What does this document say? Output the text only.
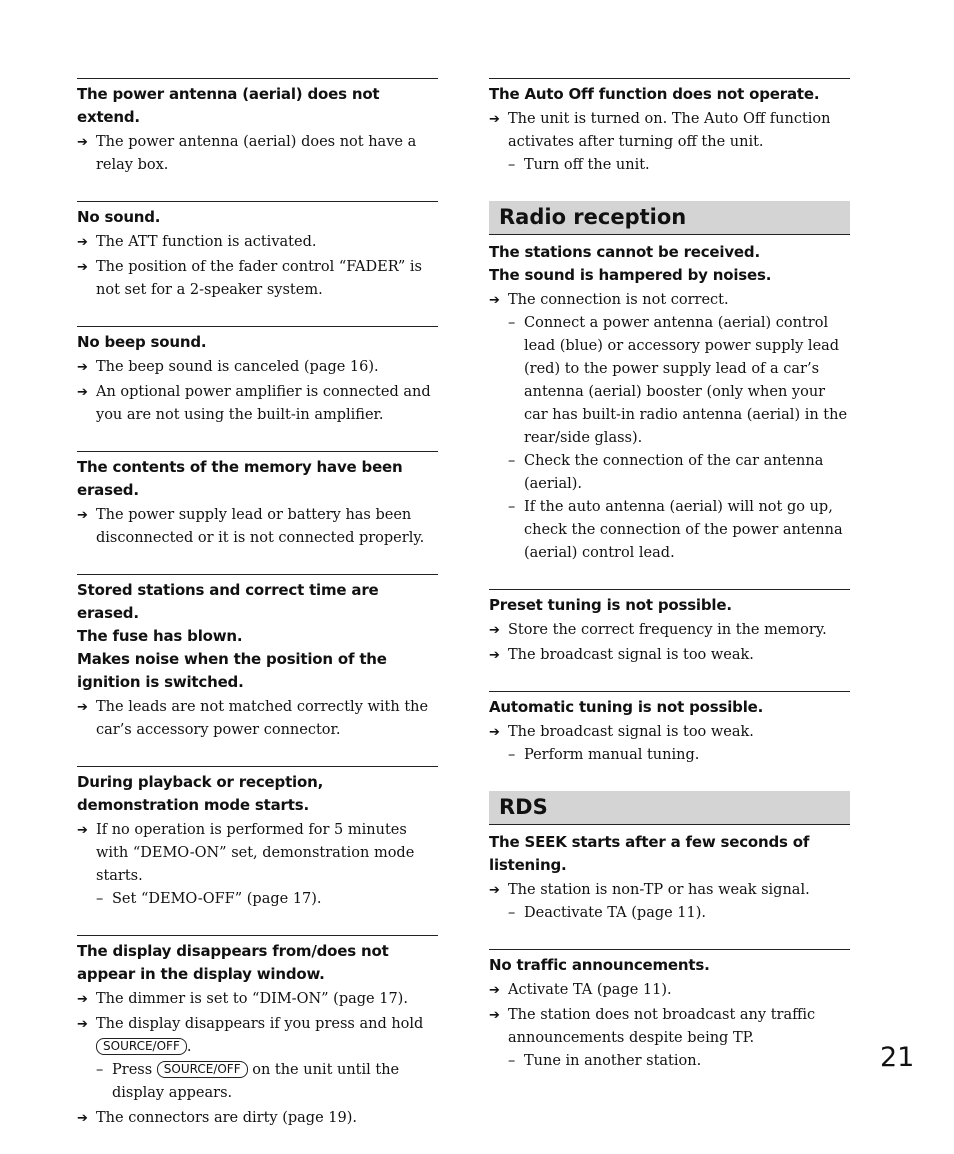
The power antenna (aerial) does not extend.
➔ The power antenna (aerial) does not have a relay box.
No sound.
➔ The ATT function is activated.
➔ The position of the fader control “FADER” is not set for a 2-speaker system.
No beep sound.
➔ The beep sound is canceled (page 16).
➔ An optional power amplifier is connected and you are not using the built-in amplifier.
The contents of the memory have been erased.
➔ The power supply lead or battery has been disconnected or it is not connected properly.
Stored stations and correct time are erased.
The fuse has blown.
Makes noise when the position of the ignition is switched.
➔ The leads are not matched correctly with the car’s accessory power connector.
During playback or reception, demonstration mode starts.
➔ If no operation is performed for 5 minutes with “DEMO-ON” set, demonstration mode starts.
– Set “DEMO-OFF” (page 17).
The display disappears from/does not appear in the display window.
➔ The dimmer is set to “DIM-ON” (page 17).
➔ The display disappears if you press and hold SOURCE/OFF .
– Press SOURCE/OFF on the unit until the display appears.
➔ The connectors are dirty (page 19).
The Auto Off function does not operate.
➔ The unit is turned on. The Auto Off function activates after turning off the unit.
– Turn off the unit.
Radio reception
The stations cannot be received.
The sound is hampered by noises.
➔ The connection is not correct.
– Connect a power antenna (aerial) control lead (blue) or accessory power supply lead (red) to the power supply lead of a car’s antenna (aerial) booster (only when your car has built-in radio antenna (aerial) in the rear/side glass).
– Check the connection of the car antenna (aerial).
– If the auto antenna (aerial) will not go up, check the connection of the power antenna (aerial) control lead.
Preset tuning is not possible.
➔ Store the correct frequency in the memory.
➔ The broadcast signal is too weak.
Automatic tuning is not possible.
➔ The broadcast signal is too weak.
– Perform manual tuning.
RDS
The SEEK starts after a few seconds of listening.
➔ The station is non-TP or has weak signal.
– Deactivate TA (page 11).
No traffic announcements.
➔ Activate TA (page 11).
➔ The station does not broadcast any traffic announcements despite being TP.
– Tune in another station.	21
